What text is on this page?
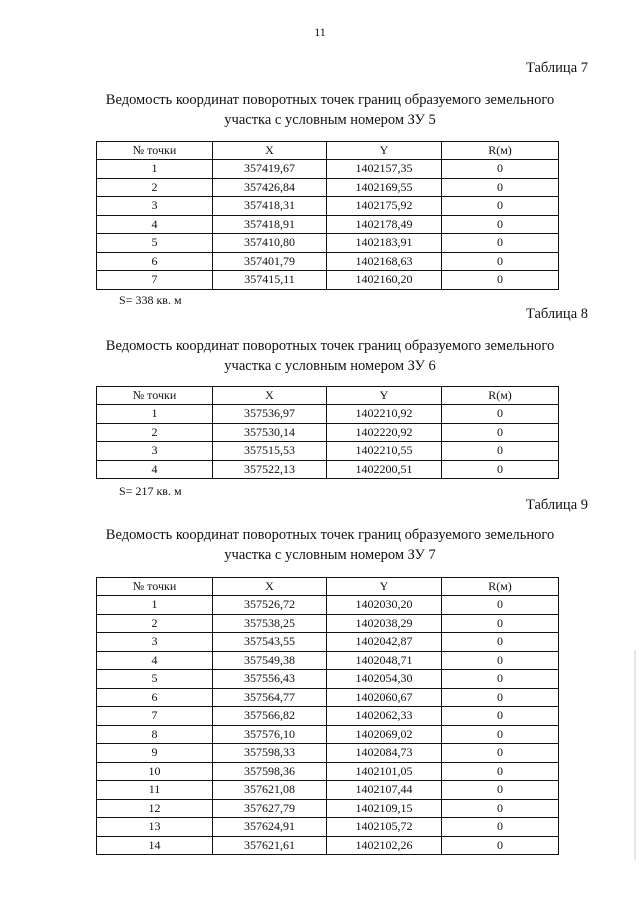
11
Таблица 7
Ведомость координат поворотных точек границ образуемого земельного
участка с условным номером ЗУ 5
№ точки	X	Y	R(м)
1	357419,67	1402157,35	0
2	357426,84	1402169,55	0
3	357418,31	1402175,92	0
4	357418,91	1402178,49	0
5	357410,80	1402183,91	0
6	357401,79	1402168,63	0
7	357415,11	1402160,20	0
S= 338 кв. м
Таблица 8
Ведомость координат поворотных точек границ образуемого земельного
участка с условным номером ЗУ 6
№ точки	X	Y	R(м)
1	357536,97	1402210,92	0
2	357530,14	1402220,92	0
3	357515,53	1402210,55	0
4	357522,13	1402200,51	0
S= 217 кв. м
Таблица 9
Ведомость координат поворотных точек границ образуемого земельного
участка с условным номером ЗУ 7
№ точки	X	Y	R(м)
1	357526,72	1402030,20	0
2	357538,25	1402038,29	0
3	357543,55	1402042,87	0
4	357549,38	1402048,71	0
5	357556,43	1402054,30	0
6	357564,77	1402060,67	0
7	357566,82	1402062,33	0
8	357576,10	1402069,02	0
9	357598,33	1402084,73	0
10	357598,36	1402101,05	0
11	357621,08	1402107,44	0
12	357627,79	1402109,15	0
13	357624,91	1402105,72	0
14	357621,61	1402102,26	0
